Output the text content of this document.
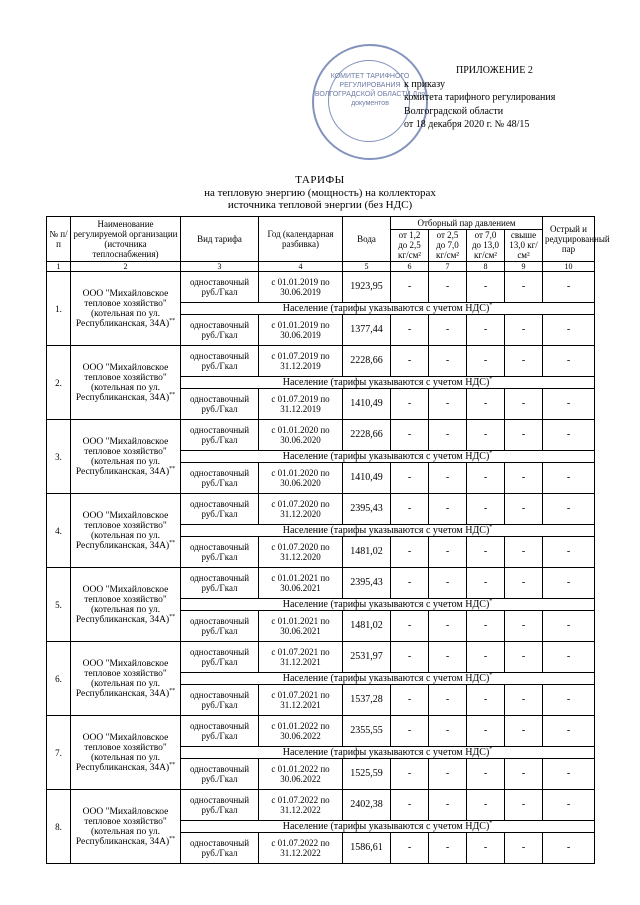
КОМИТЕТ ТАРИФНОГО РЕГУЛИРОВАНИЯ ВОЛГОГРАДСКОЙ ОБЛАСТИ Для документов
ПРИЛОЖЕНИЕ 2
к приказу
комитета тарифного регулирования
Волгоградской области
от 18 декабря 2020 г. № 48/15
ТАРИФЫ
на тепловую энергию (мощность) на коллекторах
источника тепловой энергии (без НДС)
№ п/п	Наименование регулируемой организации (источника теплоснабжения)	Вид тарифа	Год (календарная разбивка)	Вода	Отборный пар давлением				Острый и редуцированный пар
					от 1,2 до 2,5 кг/см²	от 2,5 до 7,0 кг/см²	от 7,0 до 13,0 кг/см²	свыше 13,0 кг/см²	
1	2	3	4	5	6	7	8	9	10
1.	ООО "Михайловское тепловое хозяйство" (котельная по ул. Республиканская, 34А)**	одноставочный руб./Гкал	с 01.01.2019 по 30.06.2019	1923,95	-	-	-	-	-
		Население (тарифы указываются с учетом НДС)*
		одноставочный руб./Гкал	с 01.01.2019 по 30.06.2019	1377,44	-	-	-	-	-
2.	ООО "Михайловское тепловое хозяйство" (котельная по ул. Республиканская, 34А)**	одноставочный руб./Гкал	с 01.07.2019 по 31.12.2019	2228,66	-	-	-	-	-
		Население (тарифы указываются с учетом НДС)*
		одноставочный руб./Гкал	с 01.07.2019 по 31.12.2019	1410,49	-	-	-	-	-
3.	ООО "Михайловское тепловое хозяйство" (котельная по ул. Республиканская, 34А)**	одноставочный руб./Гкал	с 01.01.2020 по 30.06.2020	2228,66	-	-	-	-	-
		Население (тарифы указываются с учетом НДС)*
		одноставочный руб./Гкал	с 01.01.2020 по 30.06.2020	1410,49	-	-	-	-	-
4.	ООО "Михайловское тепловое хозяйство" (котельная по ул. Республиканская, 34А)**	одноставочный руб./Гкал	с 01.07.2020 по 31.12.2020	2395,43	-	-	-	-	-
		Население (тарифы указываются с учетом НДС)*
		одноставочный руб./Гкал	с 01.07.2020 по 31.12.2020	1481,02	-	-	-	-	-
5.	ООО "Михайловское тепловое хозяйство" (котельная по ул. Республиканская, 34А)**	одноставочный руб./Гкал	с 01.01.2021 по 30.06.2021	2395,43	-	-	-	-	-
		Население (тарифы указываются с учетом НДС)*
		одноставочный руб./Гкал	с 01.01.2021 по 30.06.2021	1481,02	-	-	-	-	-
6.	ООО "Михайловское тепловое хозяйство" (котельная по ул. Республиканская, 34А)**	одноставочный руб./Гкал	с 01.07.2021 по 31.12.2021	2531,97	-	-	-	-	-
		Население (тарифы указываются с учетом НДС)*
		одноставочный руб./Гкал	с 01.07.2021 по 31.12.2021	1537,28	-	-	-	-	-
7.	ООО "Михайловское тепловое хозяйство" (котельная по ул. Республиканская, 34А)**	одноставочный руб./Гкал	с 01.01.2022 по 30.06.2022	2355,55	-	-	-	-	-
		Население (тарифы указываются с учетом НДС)*
		одноставочный руб./Гкал	с 01.01.2022 по 30.06.2022	1525,59	-	-	-	-	-
8.	ООО "Михайловское тепловое хозяйство" (котельная по ул. Республиканская, 34А)**	одноставочный руб./Гкал	с 01.07.2022 по 31.12.2022	2402,38	-	-	-	-	-
		Население (тарифы указываются с учетом НДС)*
		одноставочный руб./Гкал	с 01.07.2022 по 31.12.2022	1586,61	-	-	-	-	-
